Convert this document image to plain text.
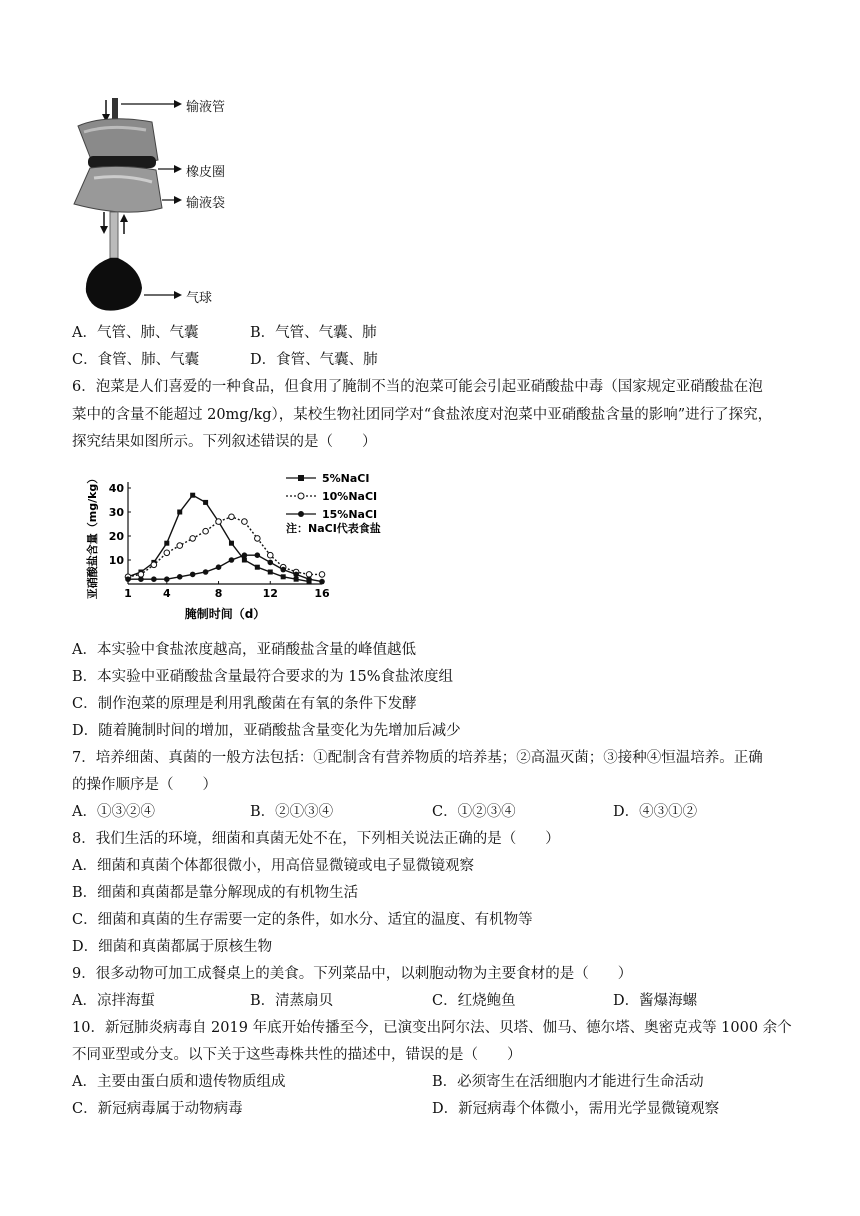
输液管
橡皮圈
输液袋
气球
A．气管、肺、气囊	B．气管、气囊、肺
C．食管、肺、气囊	D．食管、气囊、肺
6．泡菜是人们喜爱的一种食品，但食用了腌制不当的泡菜可能会引起亚硝酸盐中毒（国家规定亚硝酸盐在泡
菜中的含量不能超过 20mg/kg），某校生物社团同学对“食盐浓度对泡菜中亚硝酸盐含量的影响”进行了探究，
探究结果如图所示。下列叙述错误的是（　　）
1	4	8	12	16
10
20
30
40
腌制时间（d）
亚硝酸盐含量（mg/kg）	5%NaCI
10%NaCI
15%NaCI
注：NaCI代表食盐
A．本实验中食盐浓度越高，亚硝酸盐含量的峰值越低
B．本实验中亚硝酸盐含量最符合要求的为 15%食盐浓度组
C．制作泡菜的原理是利用乳酸菌在有氧的条件下发酵
D．随着腌制时间的增加，亚硝酸盐含量变化为先增加后减少
7．培养细菌、真菌的一般方法包括：①配制含有营养物质的培养基；②高温灭菌；③接种④恒温培养。正确
的操作顺序是（　　）
A．①③②④	B．②①③④	C．①②③④	D．④③①②
8．我们生活的环境，细菌和真菌无处不在，下列相关说法正确的是（　　）
A．细菌和真菌个体都很微小，用高倍显微镜或电子显微镜观察
B．细菌和真菌都是靠分解现成的有机物生活
C．细菌和真菌的生存需要一定的条件，如水分、适宜的温度、有机物等
D．细菌和真菌都属于原核生物
9．很多动物可加工成餐桌上的美食。下列菜品中，以刺胞动物为主要食材的是（　　）
A．凉拌海蜇	B．清蒸扇贝	C．红烧鲍鱼	D．酱爆海螺
10．新冠肺炎病毒自 2019 年底开始传播至今，已演变出阿尔法、贝塔、伽马、德尔塔、奥密克戎等 1000 余个
不同亚型或分支。以下关于这些毒株共性的描述中，错误的是（　　）
A．主要由蛋白质和遗传物质组成	B．必须寄生在活细胞内才能进行生命活动
C．新冠病毒属于动物病毒	D．新冠病毒个体微小，需用光学显微镜观察
